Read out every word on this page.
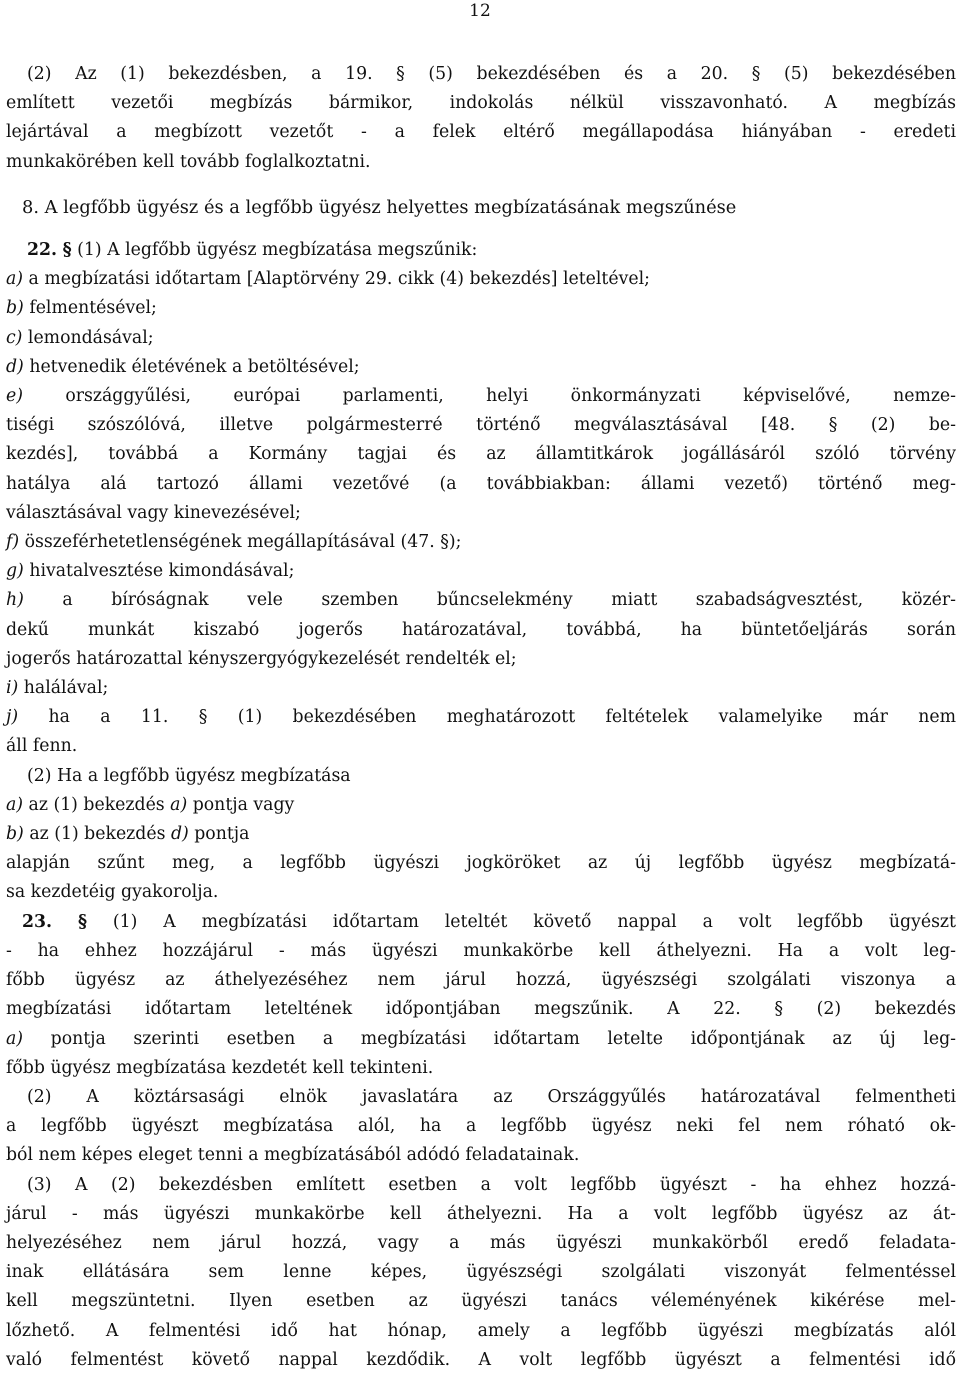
12
(2) Az (1) bekezdésben, a 19. § (5) bekezdésében és a 20. § (5) bekezdésében
említett vezetői megbízás bármikor, indokolás nélkül visszavonható. A megbízás
lejártával a megbízott vezetőt - a felek eltérő megállapodása hiányában - eredeti
munkakörében kell tovább foglalkoztatni.
8. A legfőbb ügyész és a legfőbb ügyész helyettes megbízatásának megszűnése
22. § (1) A legfőbb ügyész megbízatása megszűnik:
a) a megbízatási időtartam [Alaptörvény 29. cikk (4) bekezdés] leteltével;
b) felmentésével;
c) lemondásával;
d) hetvenedik életévének a betöltésével;
e) országgyűlési, európai parlamenti, helyi önkormányzati képviselővé, nemze-
tiségi szószólóvá, illetve polgármesterré történő megválasztásával [48. § (2) be-
kezdés], továbbá a Kormány tagjai és az államtitkárok jogállásáról szóló törvény
hatálya alá tartozó állami vezetővé (a továbbiakban: állami vezető) történő meg-
választásával vagy kinevezésével;
f) összeférhetetlenségének megállapításával (47. §);
g) hivatalvesztése kimondásával;
h) a bíróságnak vele szemben bűncselekmény miatt szabadságvesztést, közér-
dekű munkát kiszabó jogerős határozatával, továbbá, ha büntetőeljárás során
jogerős határozattal kényszergyógykezelését rendelték el;
i) halálával;
j) ha a 11. § (1) bekezdésében meghatározott feltételek valamelyike már nem
áll fenn.
(2) Ha a legfőbb ügyész megbízatása
a) az (1) bekezdés a) pontja vagy
b) az (1) bekezdés d) pontja
alapján szűnt meg, a legfőbb ügyészi jogköröket az új legfőbb ügyész megbízatá-
sa kezdetéig gyakorolja.
23. § (1) A megbízatási időtartam leteltét követő nappal a volt legfőbb ügyészt
- ha ehhez hozzájárul - más ügyészi munkakörbe kell áthelyezni. Ha a volt leg-
főbb ügyész az áthelyezéséhez nem járul hozzá, ügyészségi szolgálati viszonya a
megbízatási időtartam leteltének időpontjában megszűnik. A 22. § (2) bekezdés
a) pontja szerinti esetben a megbízatási időtartam letelte időpontjának az új leg-
főbb ügyész megbízatása kezdetét kell tekinteni.
(2) A köztársasági elnök javaslatára az Országgyűlés határozatával felmentheti
a legfőbb ügyészt megbízatása alól, ha a legfőbb ügyész neki fel nem róható ok-
ból nem képes eleget tenni a megbízatásából adódó feladatainak.
(3) A (2) bekezdésben említett esetben a volt legfőbb ügyészt - ha ehhez hozzá-
járul - más ügyészi munkakörbe kell áthelyezni. Ha a volt legfőbb ügyész az át-
helyezéséhez nem járul hozzá, vagy a más ügyészi munkakörből eredő feladata-
inak ellátására sem lenne képes, ügyészségi szolgálati viszonyát felmentéssel
kell megszüntetni. Ilyen esetben az ügyészi tanács véleményének kikérése mel-
lőzhető. A felmentési idő hat hónap, amely a legfőbb ügyészi megbízatás alól
való felmentést követő nappal kezdődik. A volt legfőbb ügyészt a felmentési idő
